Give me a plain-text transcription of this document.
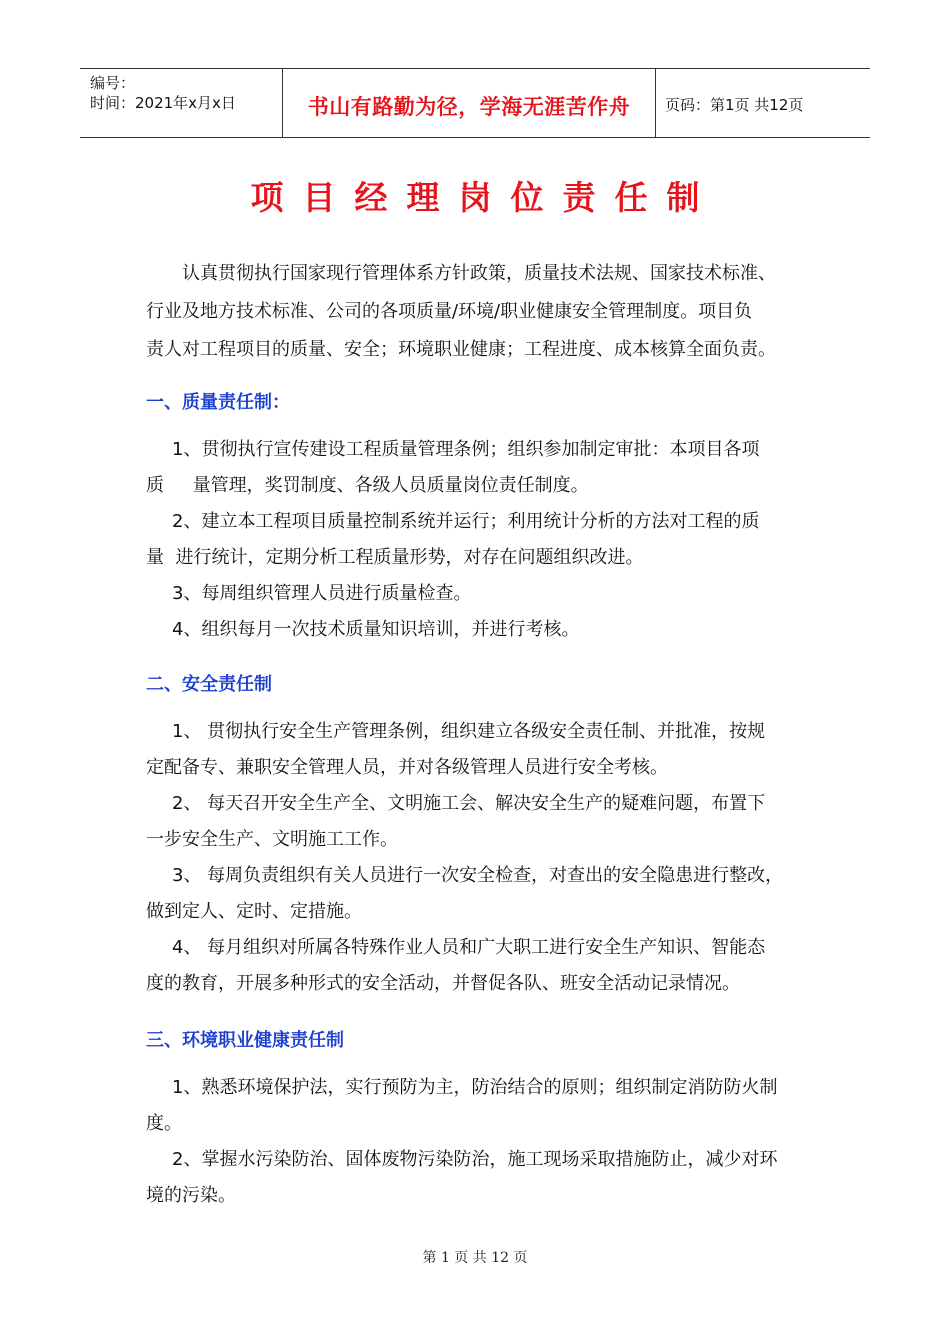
编号：
时间：2021年x月x日	书山有路勤为径，学海无涯苦作舟	页码：第1页 共12页
项目经理岗位责任制

认真贯彻执行国家现行管理体系方针政策，质量技术法规、国家技术标准、

行业及地方技术标准、公司的各项质量/环境/职业健康安全管理制度。项目负

责人对工程项目的质量、安全；环境职业健康；工程进度、成本核算全面负责。

一、质量责任制：

1、贯彻执行宣传建设工程质量管理条例；组织参加制定审批：本项目各项

质     量管理，奖罚制度、各级人员质量岗位责任制度。

2、建立本工程项目质量控制系统并运行；利用统计分析的方法对工程的质

量  进行统计，定期分析工程质量形势，对存在问题组织改进。

3、每周组织管理人员进行质量检查。

4、组织每月一次技术质量知识培训，并进行考核。

二、安全责任制

1、 贯彻执行安全生产管理条例，组织建立各级安全责任制、并批准，按规

定配备专、兼职安全管理人员，并对各级管理人员进行安全考核。

2、 每天召开安全生产全、文明施工会、解决安全生产的疑难问题，布置下

一步安全生产、文明施工工作。

3、 每周负责组织有关人员进行一次安全检查，对查出的安全隐患进行整改，

做到定人、定时、定措施。

4、 每月组织对所属各特殊作业人员和广大职工进行安全生产知识、智能态

度的教育，开展多种形式的安全活动，并督促各队、班安全活动记录情况。

三、环境职业健康责任制

1、熟悉环境保护法，实行预防为主，防治结合的原则；组织制定消防防火制

度。

2、掌握水污染防治、固体废物污染防治，施工现场采取措施防止，减少对环

境的污染。

第 1 页 共 12 页
